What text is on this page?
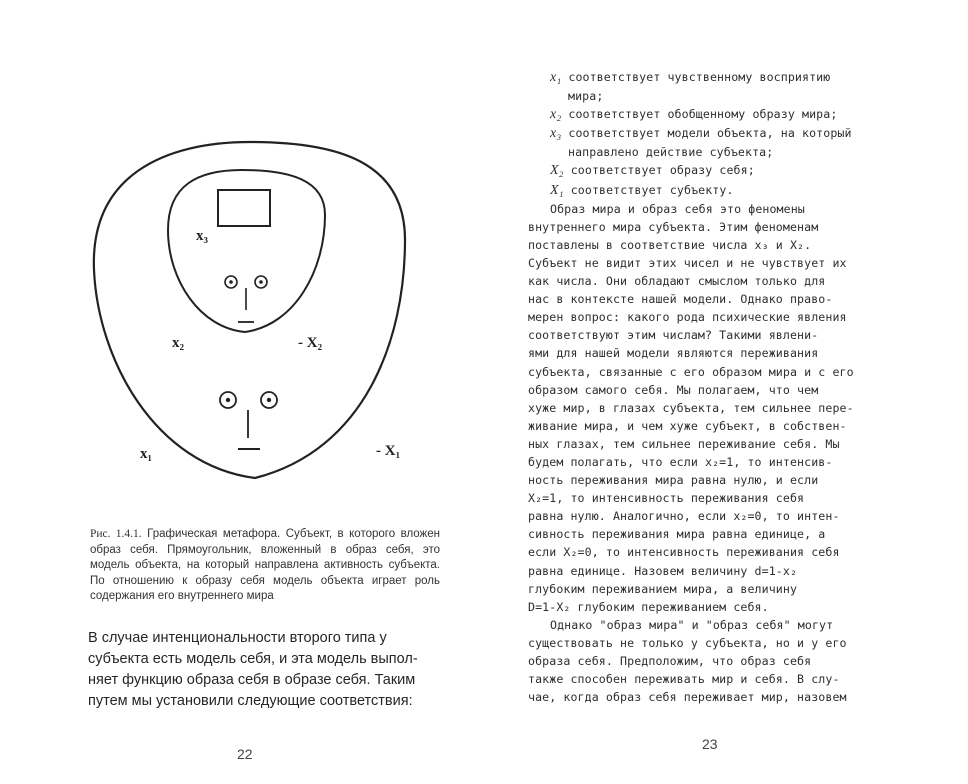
x₃
x₂	- X₂
x₁	- X₁
Рис. 1.4.1. Графическая метафора. Субъект, в которого вложен образ себя. Прямоугольник, вложенный в образ себя, это модель объекта, на который направлена активность субъекта. По отношению к образу себя модель объекта играет роль содержания его внутреннего мира
В случае интенциональности второго типа у
субъекта есть модель себя, и эта модель выпол-
няет функцию образа себя в образе себя. Таким
путем мы установили следующие соответствия:
22
23
x₁ соответствует чувственному восприятию
мира;
x₂ соответствует обобщенному образу мира;
x₃ соответствует модели объекта, на который
направлено действие субъекта;
X₂ соответствует образу себя;
X₁ соответствует субъекту.
Образ мира и образ себя это феномены
внутреннего мира субъекта. Этим феноменам
поставлены в соответствие числа x₃ и X₂.
Субъект не видит этих чисел и не чувствует их
как числа. Они обладают смыслом только для
нас в контексте нашей модели. Однако право-
мерен вопрос: какого рода психические явления
соответствуют этим числам? Такими явлени-
ями для нашей модели являются переживания
субъекта, связанные с его образом мира и с его
образом самого себя. Мы полагаем, что чем
хуже мир, в глазах субъекта, тем сильнее пере-
живание мира, и чем хуже субъект, в собствен-
ных глазах, тем сильнее переживание себя. Мы
будем полагать, что если x₂=1, то интенсив-
ность переживания мира равна нулю, и если
X₂=1, то интенсивность переживания себя
равна нулю. Аналогично, если x₂=0, то интен-
сивность переживания мира равна единице, а
если X₂=0, то интенсивность переживания себя
равна единице. Назовем величину d=1-x₂
глубоким переживанием мира, а величину
D=1-X₂ глубоким переживанием себя.
Однако "образ мира" и "образ себя" могут
существовать не только у субъекта, но и у его
образа себя. Предположим, что образ себя
также способен переживать мир и себя. В слу-
чае, когда образ себя переживает мир, назовем
